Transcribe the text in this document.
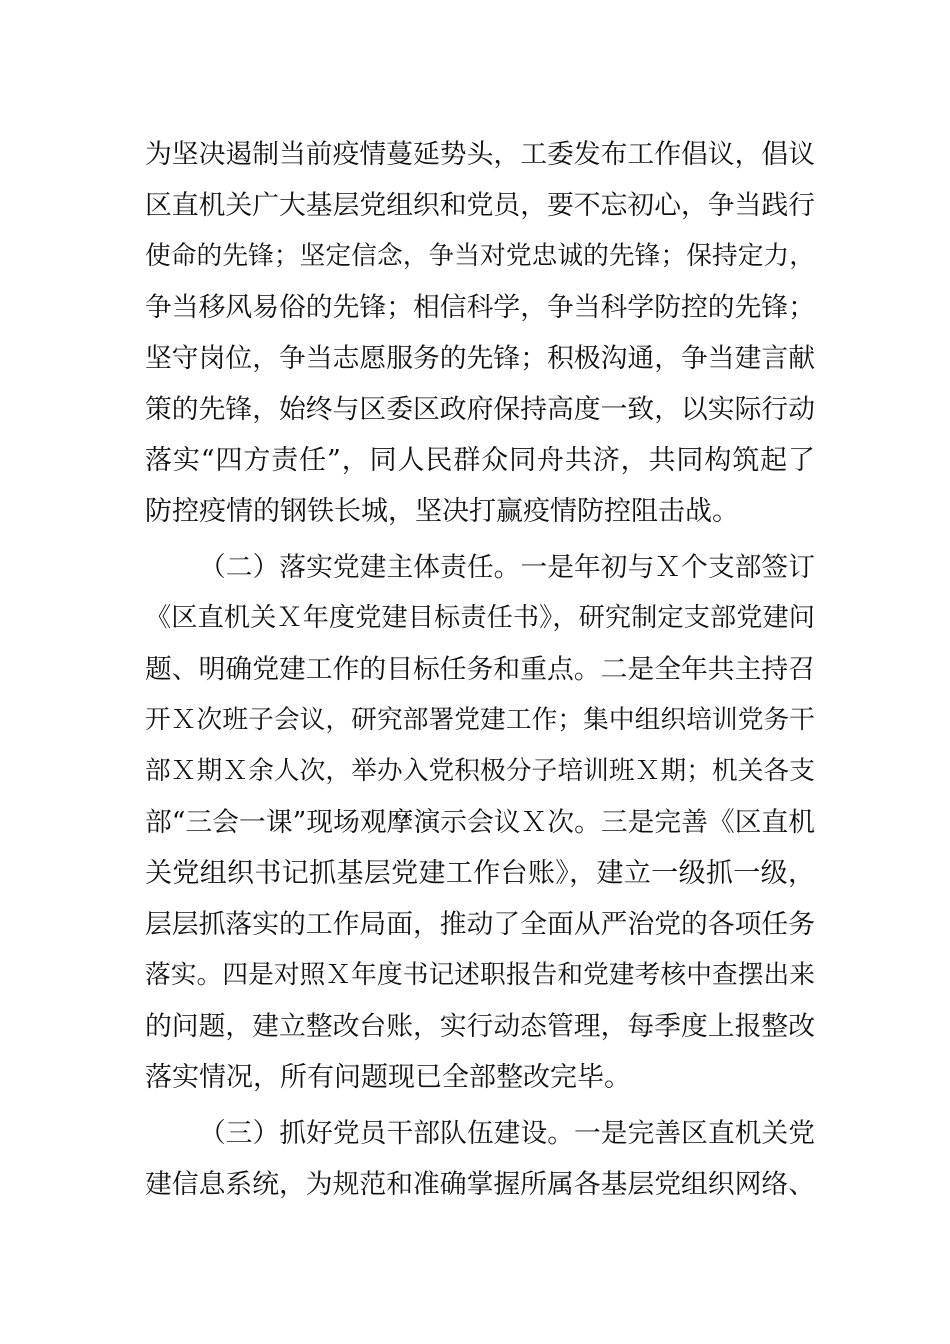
为坚决遏制当前疫情蔓延势头，工委发布工作倡议，倡议
区直机关广大基层党组织和党员，要不忘初心，争当践行
使命的先锋；坚定信念，争当对党忠诚的先锋；保持定力，
争当移风易俗的先锋；相信科学，争当科学防控的先锋；
坚守岗位，争当志愿服务的先锋；积极沟通，争当建言献
策的先锋，始终与区委区政府保持高度一致，以实际行动
落实“四方责任”，同人民群众同舟共济，共同构筑起了
防控疫情的钢铁长城，坚决打赢疫情防控阻击战。
（二）落实党建主体责任。一是年初与Ｘ个支部签订
《区直机关Ｘ年度党建目标责任书》，研究制定支部党建问
题、明确党建工作的目标任务和重点。二是全年共主持召
开Ｘ次班子会议，研究部署党建工作；集中组织培训党务干
部Ｘ期Ｘ余人次，举办入党积极分子培训班Ｘ期；机关各支
部“三会一课”现场观摩演示会议Ｘ次。三是完善《区直机
关党组织书记抓基层党建工作台账》，建立一级抓一级，
层层抓落实的工作局面，推动了全面从严治党的各项任务
落实。四是对照Ｘ年度书记述职报告和党建考核中查摆出来
的问题，建立整改台账，实行动态管理，每季度上报整改
落实情况，所有问题现已全部整改完毕。
（三）抓好党员干部队伍建设。一是完善区直机关党
建信息系统，为规范和准确掌握所属各基层党组织网络、
